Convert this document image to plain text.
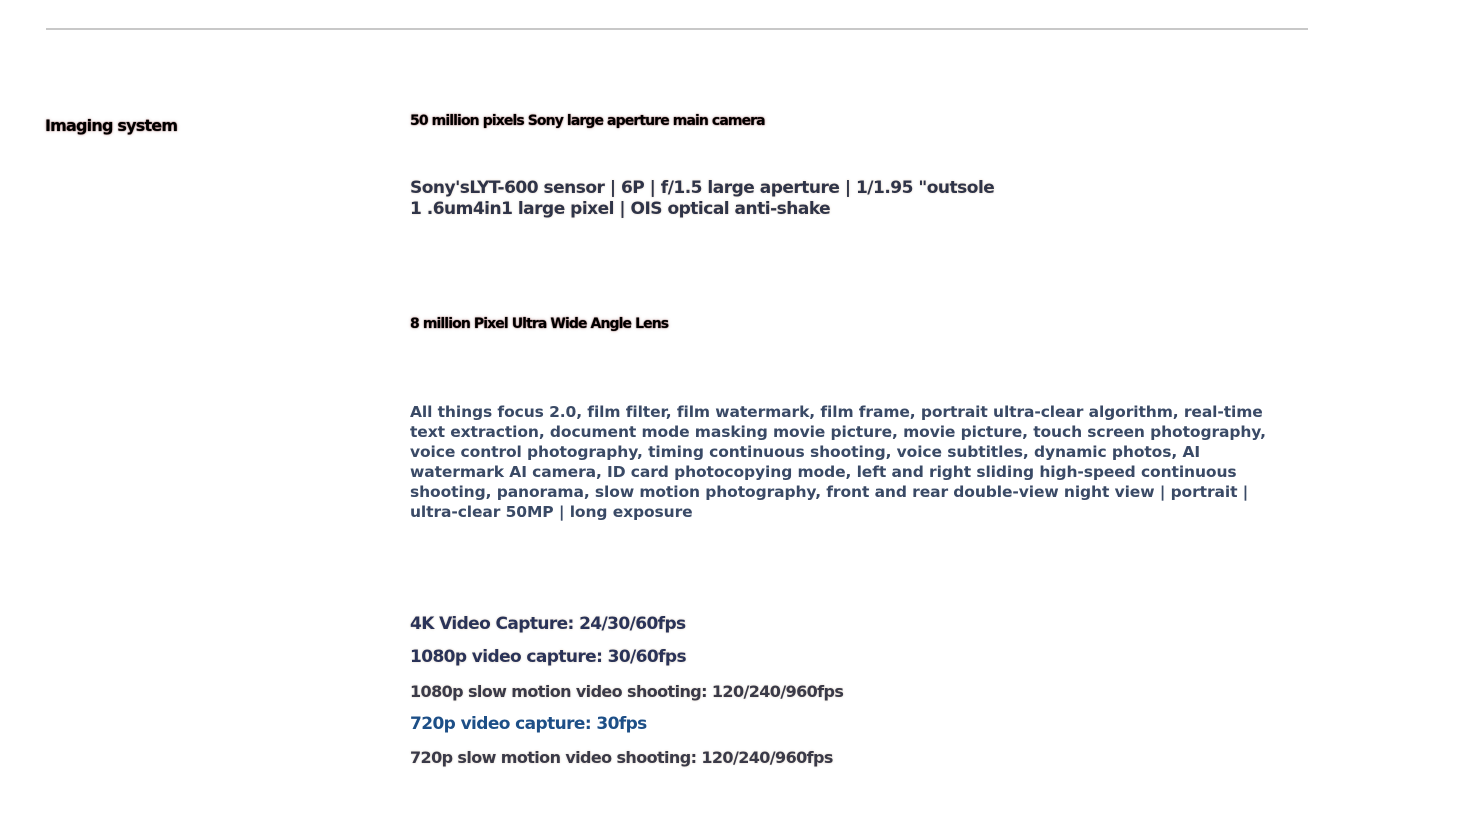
Imaging system	50 million pixels Sony large aperture main camera

Sony'sLYT-600 sensor | 6P | f/1.5 large aperture | 1/1.95 "outsole 1 .6um4in1 large pixel | OIS optical anti-shake

8 million Pixel Ultra Wide Angle Lens

All things focus 2.0, film filter, film watermark, film frame, portrait ultra-clear algorithm, real-time text extraction, document mode masking movie picture, movie picture, touch screen photography, voice control photography, timing continuous shooting, voice subtitles, dynamic photos, AI watermark AI camera, ID card photocopying mode, left and right sliding high-speed continuous shooting, panorama, slow motion photography, front and rear double-view night view | portrait | ultra-clear 50MP | long exposure

4K Video Capture: 24/30/60fps

1080p video capture: 30/60fps

1080p slow motion video shooting: 120/240/960fps

720p video capture: 30fps

720p slow motion video shooting: 120/240/960fps
